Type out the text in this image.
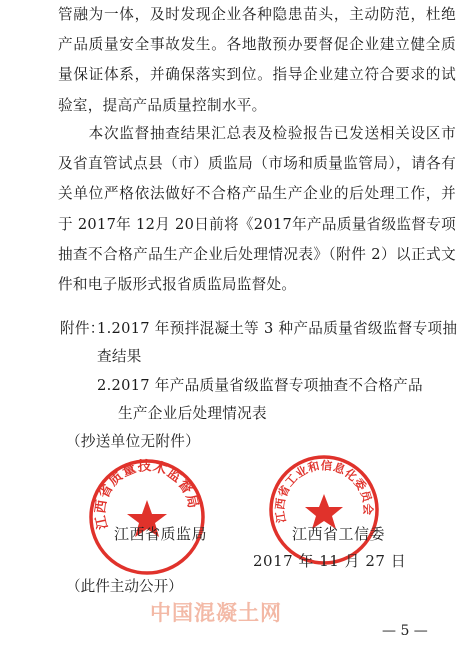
管融为一体，及时发现企业各种隐患苗头，主动防范，杜绝产品质量安全事故发生。各地散预办要督促企业建立健全质量保证体系，并确保落实到位。指导企业建立符合要求的试验室，提高产品质量控制水平。

　　本次监督抽查结果汇总表及检验报告已发送相关设区市及省直管试点县（市）质监局（市场和质量监管局），请各有关单位严格依法做好不合格产品生产企业的后处理工作，并于 2017年 12月 20日前将《2017年产品质量省级监督专项抽查不合格产品生产企业后处理情况表》（附件 2）以正式文件和电子版形式报省质监局监督处。

附件：
1.2017 年预拌混凝土等 3 种产品质量省级监督专项抽
查结果
2.2017 年产品质量省级监督专项抽查不合格产品
生产企业后处理情况表
（抄送单位无附件）
江西省质量技术监督局
江西省工业和信息化委员会
江西省质监局	江西省工信委
2017 年 11 月 27 日
（此件主动公开）
中国混凝土网
— 5 —
